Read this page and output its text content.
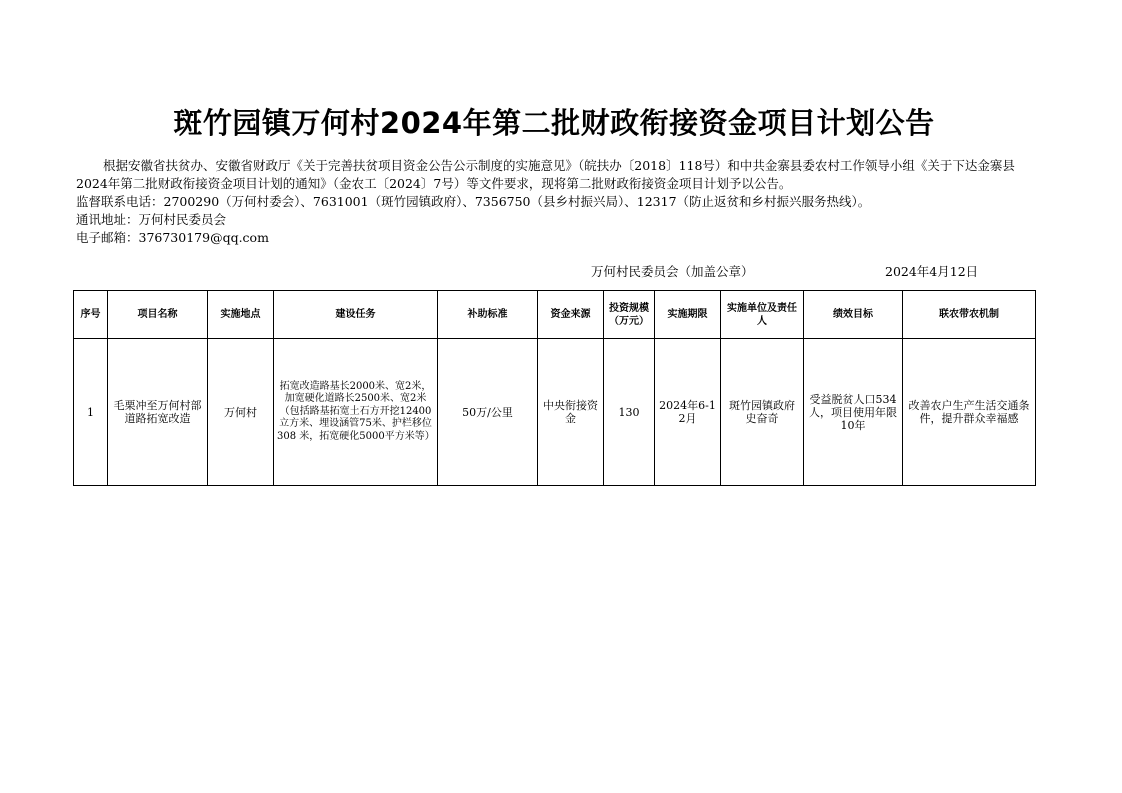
斑竹园镇万何村2024年第二批财政衔接资金项目计划公告

根据安徽省扶贫办、安徽省财政厅《关于完善扶贫项目资金公告公示制度的实施意见》（皖扶办〔2018〕118号）和中共金寨县委农村工作领导小组《关于下达金寨县2024年第二批财政衔接资金项目计划的通知》（金农工〔2024〕7号）等文件要求，现将第二批财政衔接资金项目计划予以公告。

监督联系电话：2700290（万何村委会）、7631001（斑竹园镇政府）、7356750（县乡村振兴局）、12317（防止返贫和乡村振兴服务热线）。

通讯地址：万何村民委员会

电子邮箱：376730179@qq.com

万何村民委员会（加盖公章）	2024年4月12日
序号	项目名称	实施地点	建设任务	补助标准	资金来源	投资规模（万元）	实施期限	实施单位及责任人	绩效目标	联农带农机制
1	毛栗冲至万何村部道路拓宽改造	万何村	拓宽改造路基长2000米、宽2米，加宽硬化道路长2500米、宽2米（包括路基拓宽土石方开挖12400立方米、埋设涵管75米、护栏移位308 米，拓宽硬化5000平方米等）	50万/公里	中央衔接资金	130	2024年6-12月	斑竹园镇政府史奋奇	受益脱贫人口534人，项目使用年限10年	改善农户生产生活交通条件，提升群众幸福感
